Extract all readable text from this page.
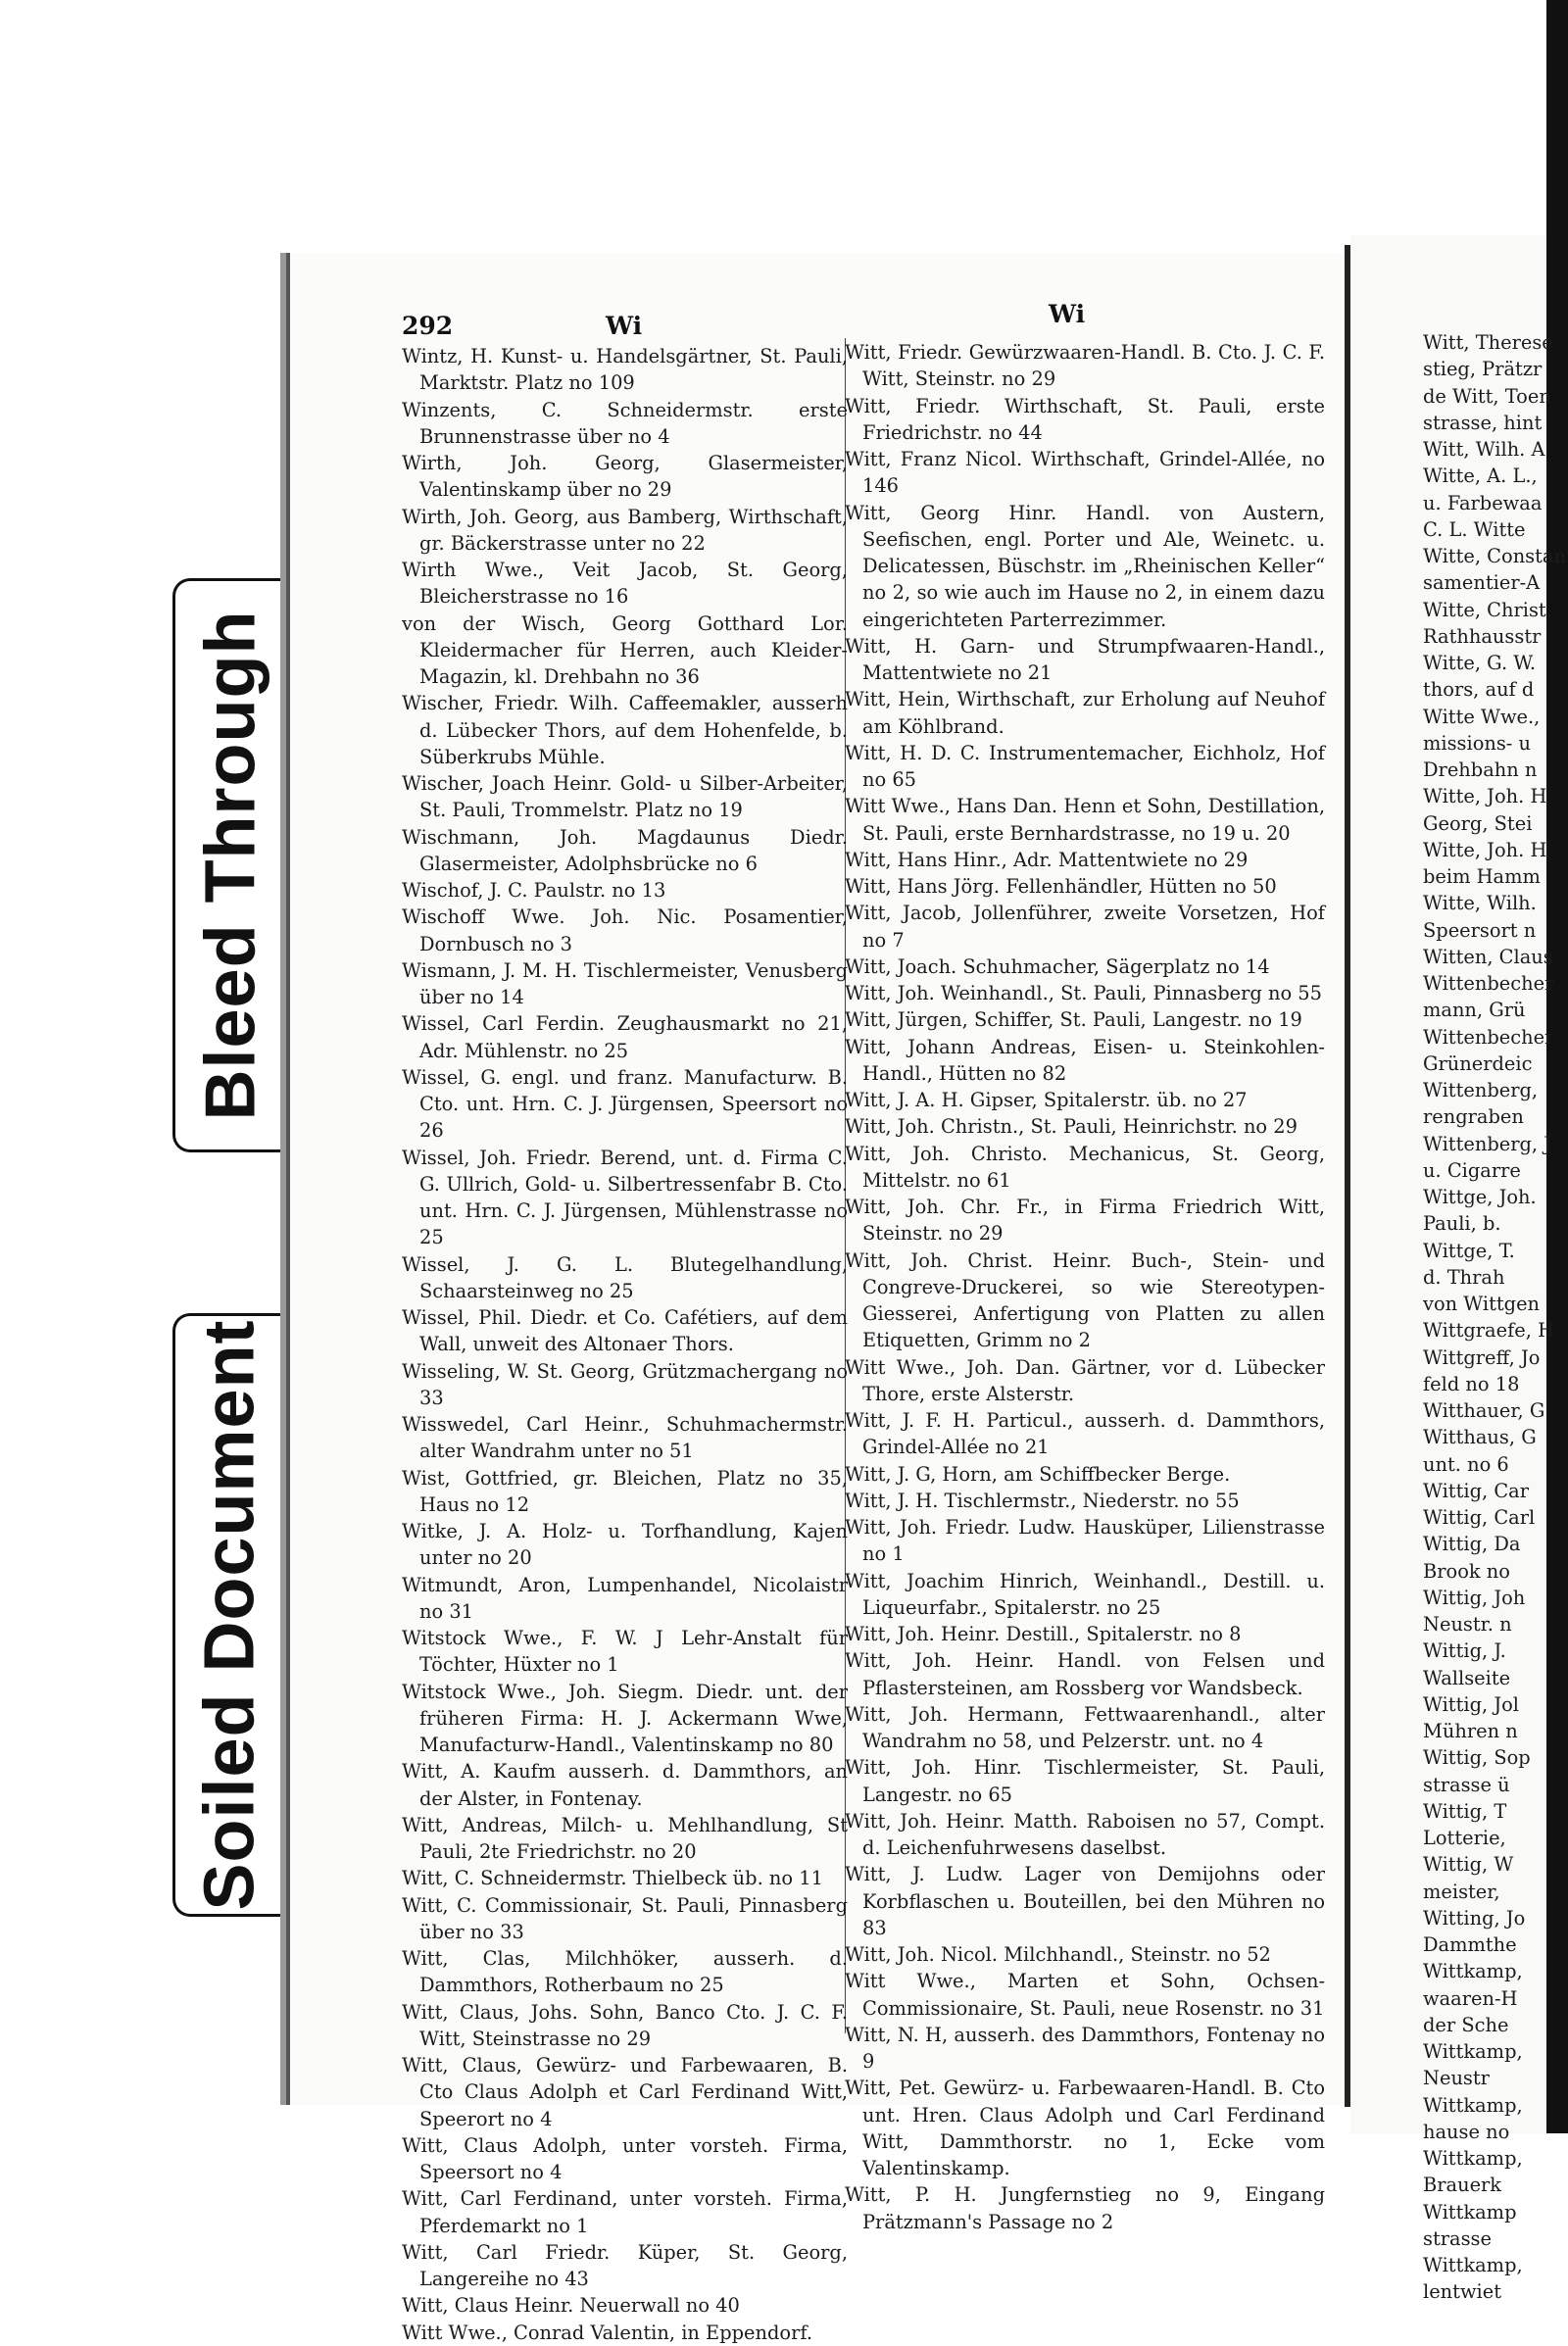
Bleed Through
Soiled Document
292	Wi	Wi

Wintz, H. Kunst- u. Handelsgärtner, St. Pauli, Marktstr. Platz no 109

Winzents, C. Schneidermstr. erste Brunnenstrasse über no 4

Wirth, Joh. Georg, Glasermeister, Valentinskamp über no 29

Wirth, Joh. Georg, aus Bamberg, Wirthschaft, gr. Bäckerstrasse unter no 22

Wirth Wwe., Veit Jacob, St. Georg, Bleicherstrasse no 16

von der Wisch, Georg Gotthard Lor. Kleidermacher für Herren, auch Kleider-Magazin, kl. Drehbahn no 36

Wischer, Friedr. Wilh. Caffeemakler, ausserh d. Lübecker Thors, auf dem Hohenfelde, b. Süberkrubs Mühle.

Wischer, Joach Heinr. Gold- u Silber-Arbeiter, St. Pauli, Trommelstr. Platz no 19

Wischmann, Joh. Magdaunus Diedr. Glasermeister, Adolphsbrücke no 6

Wischof, J. C. Paulstr. no 13

Wischoff Wwe. Joh. Nic. Posamentier, Dornbusch no 3

Wismann, J. M. H. Tischlermeister, Venusberg über no 14

Wissel, Carl Ferdin. Zeughausmarkt no 21, Adr. Mühlenstr. no 25

Wissel, G. engl. und franz. Manufacturw. B. Cto. unt. Hrn. C. J. Jürgensen, Speersort no 26

Wissel, Joh. Friedr. Berend, unt. d. Firma C. G. Ullrich, Gold- u. Silbertressenfabr B. Cto. unt. Hrn. C. J. Jürgensen, Mühlenstrasse no 25

Wissel, J. G. L. Blutegelhandlung, Schaarsteinweg no 25

Wissel, Phil. Diedr. et Co. Cafétiers, auf dem Wall, unweit des Altonaer Thors.

Wisseling, W. St. Georg, Grützmachergang no 33

Wisswedel, Carl Heinr., Schuhmachermstr. alter Wandrahm unter no 51

Wist, Gottfried, gr. Bleichen, Platz no 35, Haus no 12

Witke, J. A. Holz- u. Torfhandlung, Kajen unter no 20

Witmundt, Aron, Lumpenhandel, Nicolaistr no 31

Witstock Wwe., F. W. J Lehr-Anstalt für Töchter, Hüxter no 1

Witstock Wwe., Joh. Siegm. Diedr. unt. der früheren Firma: H. J. Ackermann Wwe, Manufacturw-Handl., Valentinskamp no 80

Witt, A. Kaufm ausserh. d. Dammthors, an der Alster, in Fontenay.

Witt, Andreas, Milch- u. Mehlhandlung, St Pauli, 2te Friedrichstr. no 20

Witt, C. Schneidermstr. Thielbeck üb. no 11

Witt, C. Commissionair, St. Pauli, Pinnasberg über no 33

Witt, Clas, Milchhöker, ausserh. d. Dammthors, Rotherbaum no 25

Witt, Claus, Johs. Sohn, Banco Cto. J. C. F. Witt, Steinstrasse no 29

Witt, Claus, Gewürz- und Farbewaaren, B. Cto Claus Adolph et Carl Ferdinand Witt, Speerort no 4

Witt, Claus Adolph, unter vorsteh. Firma, Speersort no 4

Witt, Carl Ferdinand, unter vorsteh. Firma, Pferdemarkt no 1

Witt, Carl Friedr. Küper, St. Georg, Langereihe no 43

Witt, Claus Heinr. Neuerwall no 40

Witt Wwe., Conrad Valentin, in Eppendorf.

Witt, Friedr. Gewürzwaaren-Handl. B. Cto. J. C. F. Witt, Steinstr. no 29

Witt, Friedr. Wirthschaft, St. Pauli, erste Friedrichstr. no 44

Witt, Franz Nicol. Wirthschaft, Grindel-Allée, no 146

Witt, Georg Hinr. Handl. von Austern, Seefischen, engl. Porter und Ale, Weinetc. u. Delicatessen, Büschstr. im „Rheinischen Keller“ no 2, so wie auch im Hause no 2, in einem dazu eingerichteten Parterrezimmer.

Witt, H. Garn- und Strumpfwaaren-Handl., Mattentwiete no 21

Witt, Hein, Wirthschaft, zur Erholung auf Neuhof am Köhlbrand.

Witt, H. D. C. Instrumentemacher, Eichholz, Hof no 65

Witt Wwe., Hans Dan. Henn et Sohn, Destillation, St. Pauli, erste Bernhardstrasse, no 19 u. 20

Witt, Hans Hinr., Adr. Mattentwiete no 29

Witt, Hans Jörg. Fellenhändler, Hütten no 50

Witt, Jacob, Jollenführer, zweite Vorsetzen, Hof no 7

Witt, Joach. Schuhmacher, Sägerplatz no 14

Witt, Joh. Weinhandl., St. Pauli, Pinnasberg no 55

Witt, Jürgen, Schiffer, St. Pauli, Langestr. no 19

Witt, Johann Andreas, Eisen- u. Steinkohlen-Handl., Hütten no 82

Witt, J. A. H. Gipser, Spitalerstr. üb. no 27

Witt, Joh. Christn., St. Pauli, Heinrichstr. no 29

Witt, Joh. Christo. Mechanicus, St. Georg, Mittelstr. no 61

Witt, Joh. Chr. Fr., in Firma Friedrich Witt, Steinstr. no 29

Witt, Joh. Christ. Heinr. Buch-, Stein- und Congreve-Druckerei, so wie Stereotypen-Giesserei, Anfertigung von Platten zu allen Etiquetten, Grimm no 2

Witt Wwe., Joh. Dan. Gärtner, vor d. Lübecker Thore, erste Alsterstr.

Witt, J. F. H. Particul., ausserh. d. Dammthors, Grindel-Allée no 21

Witt, J. G, Horn, am Schiffbecker Berge.

Witt, J. H. Tischlermstr., Niederstr. no 55

Witt, Joh. Friedr. Ludw. Hausküper, Lilienstrasse no 1

Witt, Joachim Hinrich, Weinhandl., Destill. u. Liqueurfabr., Spitalerstr. no 25

Witt, Joh. Heinr. Destill., Spitalerstr. no 8

Witt, Joh. Heinr. Handl. von Felsen und Pflastersteinen, am Rossberg vor Wandsbeck.

Witt, Joh. Hermann, Fettwaarenhandl., alter Wandrahm no 58, und Pelzerstr. unt. no 4

Witt, Joh. Hinr. Tischlermeister, St. Pauli, Langestr. no 65

Witt, Joh. Heinr. Matth. Raboisen no 57, Compt. d. Leichenfuhrwesens daselbst.

Witt, J. Ludw. Lager von Demijohns oder Korbflaschen u. Bouteillen, bei den Mühren no 83

Witt, Joh. Nicol. Milchhandl., Steinstr. no 52

Witt Wwe., Marten et Sohn, Ochsen-Commissionaire, St. Pauli, neue Rosenstr. no 31

Witt, N. H, ausserh. des Dammthors, Fontenay no 9

Witt, Pet. Gewürz- u. Farbewaaren-Handl. B. Cto unt. Hren. Claus Adolph und Carl Ferdinand Witt, Dammthorstr. no 1, Ecke vom Valentinskamp.

Witt, P. H. Jungfernstieg no 9, Eingang Prätzmann's Passage no 2

Witt, Therese

stieg, Prätzr

de Witt, Toen

strasse, hint

Witt, Wilh. A

Witte, A. L.,

u. Farbewaa

C. L. Witte

Witte, Constan

samentier-A

Witte, Christ.

Rathhausstr

Witte, G. W.

thors, auf d

Witte Wwe.,

missions- u

Drehbahn n

Witte, Joh. H

Georg, Stei

Witte, Joh. H

beim Hamm

Witte, Wilh.

Speersort n

Witten, Claus

Wittenbecher

mann, Grü

Wittenbecher

Grünerdeic

Wittenberg,

rengraben

Wittenberg, J

u. Cigarre

Wittge, Joh.

Pauli, b.

Wittge, T.

d. Thrah

von Wittgen

Wittgraefe, H

Wittgreff, Jo

feld no 18

Witthauer, G

Witthaus, G

unt. no 6

Wittig, Car

Wittig, Carl

Wittig, Da

Brook no

Wittig, Joh

Neustr. n

Wittig, J.

Wallseite

Wittig, Jol

Mühren n

Wittig, Sop

strasse ü

Wittig, T

Lotterie,

Wittig, W

meister,

Witting, Jo

Dammthe

Wittkamp,

waaren-H

der Sche

Wittkamp,

Neustr

Wittkamp,

hause no

Wittkamp,

Brauerk

Wittkamp

strasse

Wittkamp,

lentwiet
